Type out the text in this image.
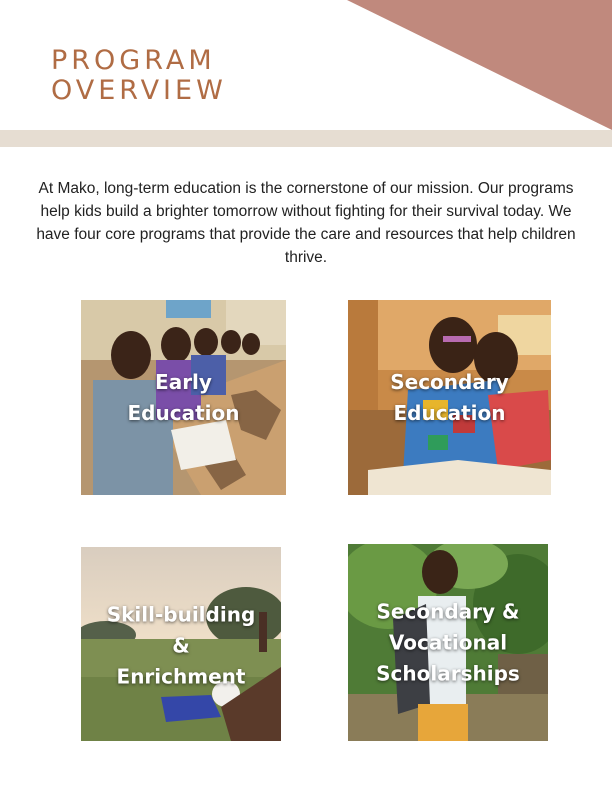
PROGRAM
OVERVIEW

At Mako, long-term education is the cornerstone of our mission. Our programs help kids build a brighter tomorrow without fighting for their survival today. We have four core programs that provide the care and resources that help children thrive.

Early Education
Secondary Education
Skill-building & Enrichment
Secondary & Vocational Scholarships
